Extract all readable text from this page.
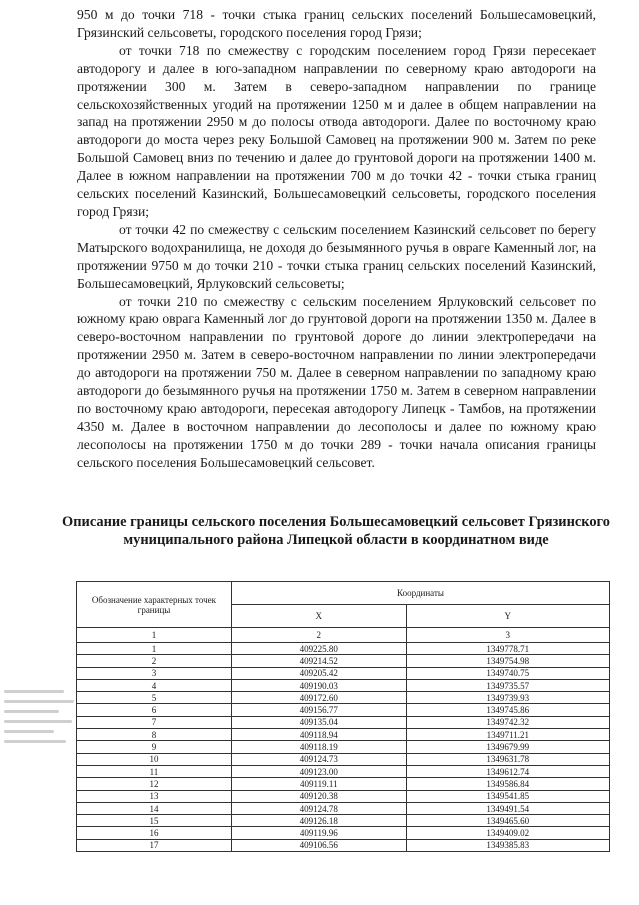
950 м до точки 718 - точки стыка границ сельских поселений Большесамовецкий, Грязинский сельсоветы, городского поселения город Грязи;

от точки 718 по смежеству с городским поселением город Грязи пересекает автодорогу и далее в юго-западном направлении по северному краю автодороги на протяжении 300 м. Затем в северо-западном направлении по границе сельскохозяйственных угодий на протяжении 1250 м и далее в общем направлении на запад на протяжении 2950 м до полосы отвода автодороги. Далее по восточному краю автодороги до моста через реку Большой Самовец на протяжении 900 м. Затем по реке Большой Самовец вниз по течению и далее до грунтовой дороги на протяжении 1400 м. Далее в южном направлении на протяжении 700 м до точки 42 - точки стыка границ сельских поселений Казинский, Большесамовецкий сельсоветы, городского поселения город Грязи;

от точки 42 по смежеству с сельским поселением Казинский сельсовет по берегу Матырского водохранилища, не доходя до безымянного ручья в овраге Каменный лог, на протяжении 9750 м до точки 210 - точки стыка границ сельских поселений Казинский, Большесамовецкий, Ярлуковский сельсоветы;

от точки 210 по смежеству с сельским поселением Ярлуковский сельсовет по южному краю оврага Каменный лог до грунтовой дороги на протяжении 1350 м. Далее в северо-восточном направлении по грунтовой дороге до линии электропередачи на протяжении 2950 м. Затем в северо-восточном направлении по линии электропередачи до автодороги на протяжении 750 м. Далее в северном направлении по западному краю автодороги до безымянного ручья на протяжении 1750 м. Затем в северном направлении по восточному краю автодороги, пересекая автодорогу Липецк - Тамбов, на протяжении 4350 м. Далее в восточном направлении до лесополосы и далее по южному краю лесополосы на протяжении 1750 м до точки 289 - точки начала описания границы сельского поселения Большесамовецкий сельсовет.

Описание границы сельского поселения Большесамовецкий сельсовет Грязинского муниципального района Липецкой области в координатном виде
Обозначение характерных точек границы	Координаты	
	X	Y
1	2	3
1	409225.80	1349778.71
2	409214.52	1349754.98
3	409205.42	1349740.75
4	409190.03	1349735.57
5	409172.60	1349739.93
6	409156.77	1349745.86
7	409135.04	1349742.32
8	409118.94	1349711.21
9	409118.19	1349679.99
10	409124.73	1349631.78
11	409123.00	1349612.74
12	409119.11	1349586.84
13	409120.38	1349541.85
14	409124.78	1349491.54
15	409126.18	1349465.60
16	409119.96	1349409.02
17	409106.56	1349385.83
